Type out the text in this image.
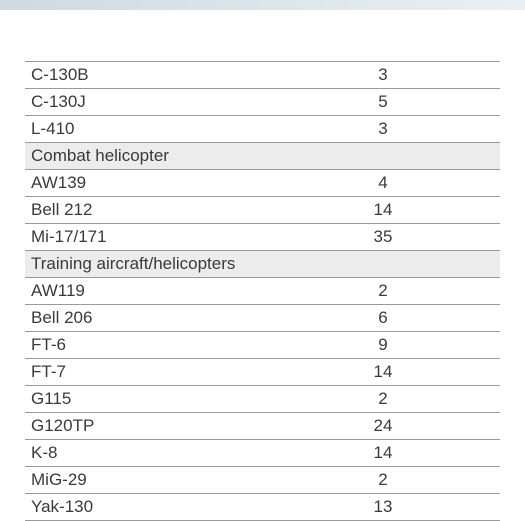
C-130B	3
C-130J	5
L-410	3
Combat helicopter
AW139	4
Bell 212	14
Mi-17/171	35
Training aircraft/helicopters
AW119	2
Bell 206	6
FT-6	9
FT-7	14
G115	2
G120TP	24
K-8	14
MiG-29	2
Yak-130	13
